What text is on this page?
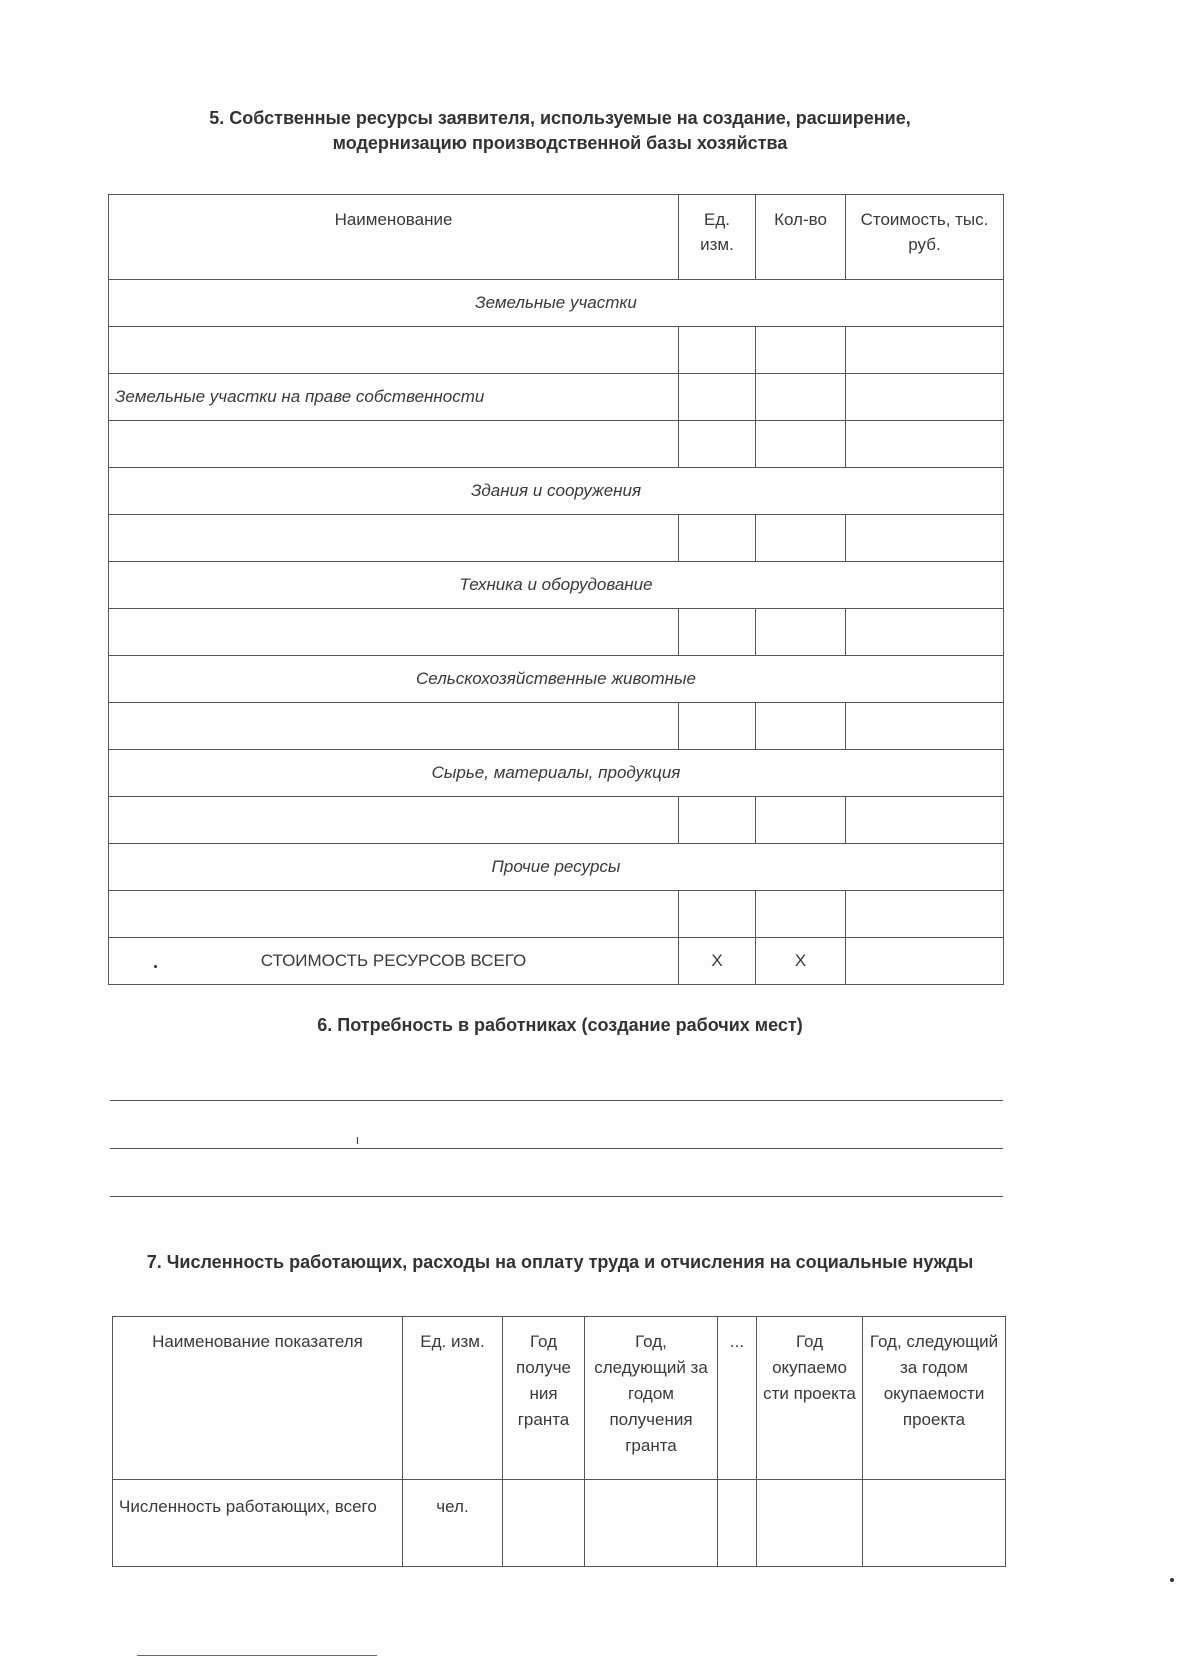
5. Собственные ресурсы заявителя, используемые на создание, расширение,
модернизацию производственной базы хозяйства
Наименование	Ед. изм.	Кол-во	Стоимость, тыс. руб.
Земельные участки			

Земельные участки на праве собственности			

Здания и сооружения			

Техника и оборудование			

Сельскохозяйственные животные			

Сырье, материалы, продукция			

Прочие ресурсы			

СТОИМОСТЬ РЕСУРСОВ ВСЕГО	Х	Х	
6. Потребность в работниках (создание рабочих мест)
ι
7. Численность работающих, расходы на оплату труда и отчисления на социальные нужды
Наименование показателя	Ед. изм.	Год получе ния гранта	Год, следующий за годом получения гранта	...	Год окупаемо сти проекта	Год, следующий за годом окупаемости проекта
Численность работающих, всего	чел.					
